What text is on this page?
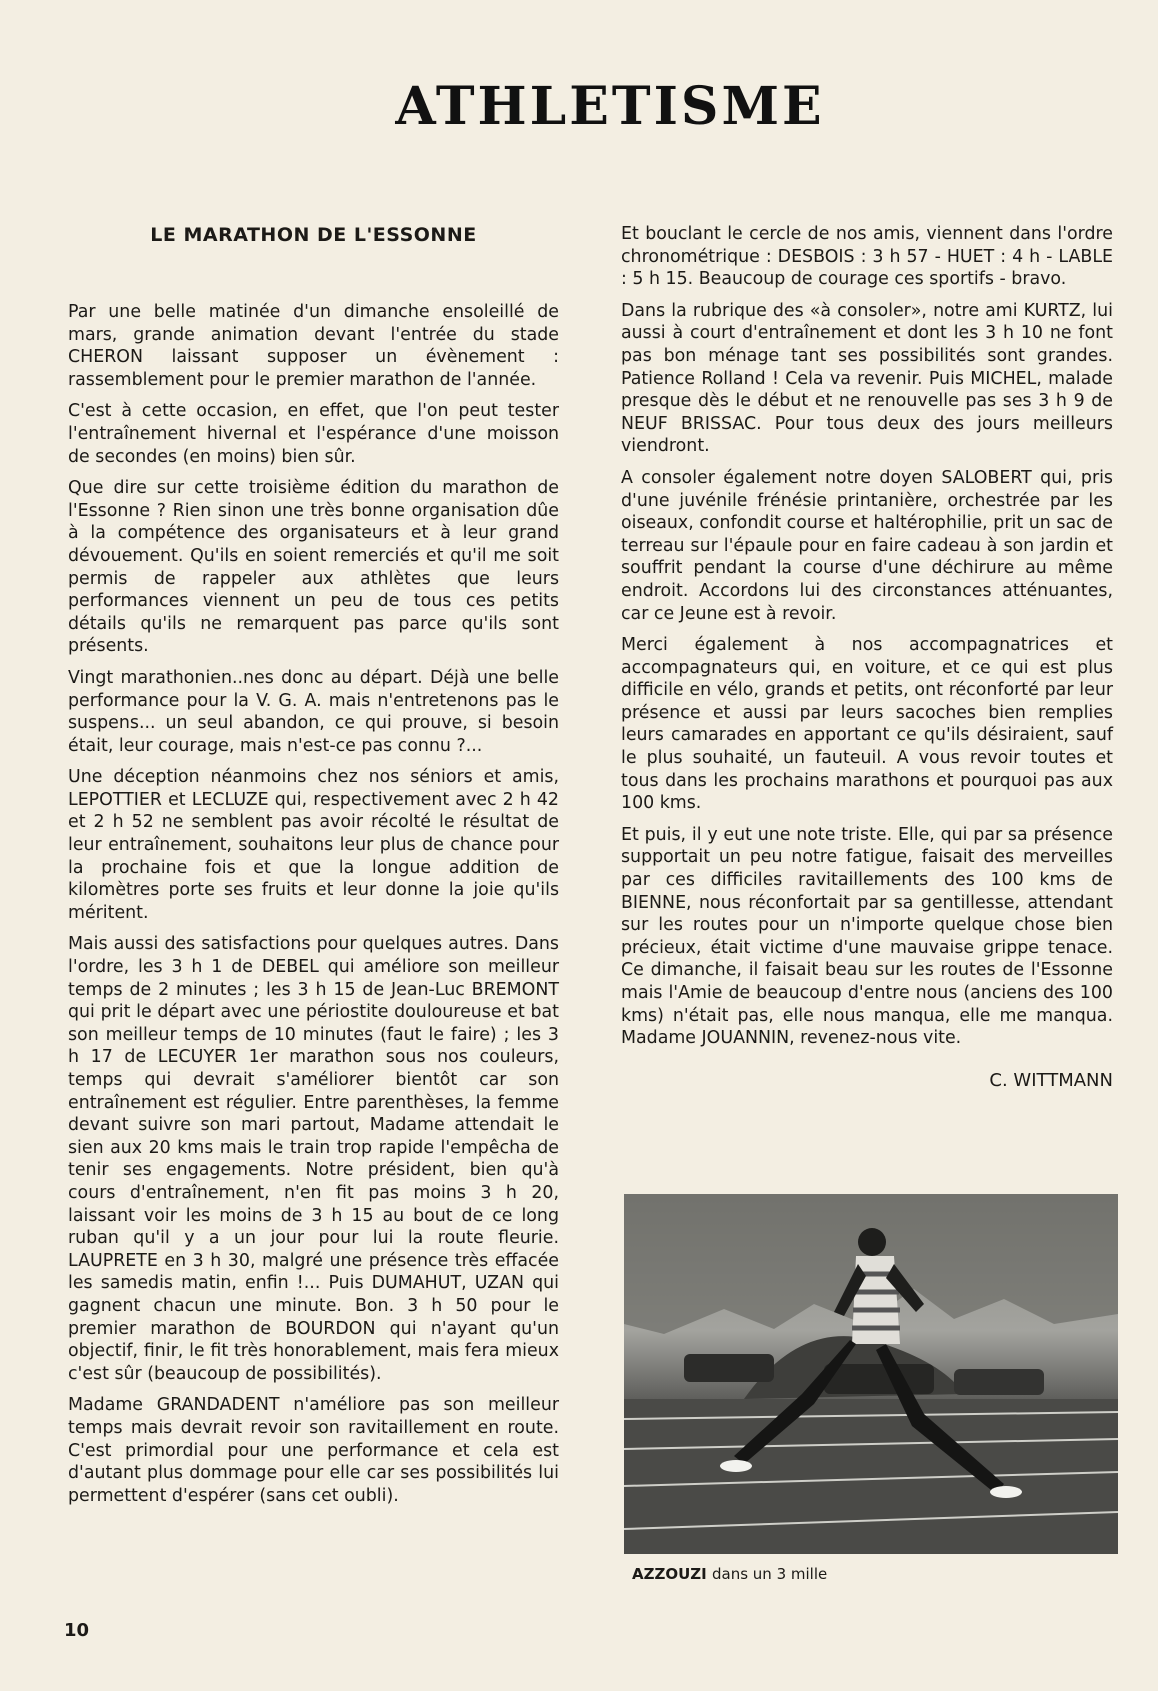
ATHLETISME
LE MARATHON DE L'ESSONNE

Par une belle matinée d'un dimanche ensoleillé de mars, grande animation devant l'entrée du stade CHERON laissant supposer un évènement : rassemblement pour le premier marathon de l'année.

C'est à cette occasion, en effet, que l'on peut tester l'entraînement hivernal et l'espérance d'une moisson de secondes (en moins) bien sûr.

Que dire sur cette troisième édition du marathon de l'Essonne ? Rien sinon une très bonne organisation dûe à la compétence des organisateurs et à leur grand dévouement. Qu'ils en soient remerciés et qu'il me soit permis de rappeler aux athlètes que leurs performances viennent un peu de tous ces petits détails qu'ils ne remarquent pas parce qu'ils sont présents.

Vingt marathonien..nes donc au départ. Déjà une belle performance pour la V. G. A. mais n'entretenons pas le suspens... un seul abandon, ce qui prouve, si besoin était, leur courage, mais n'est-ce pas connu ?...

Une déception néanmoins chez nos séniors et amis, LEPOTTIER et LECLUZE qui, respectivement avec 2 h 42 et 2 h 52 ne semblent pas avoir récolté le résultat de leur entraînement, souhaitons leur plus de chance pour la prochaine fois et que la longue addition de kilomètres porte ses fruits et leur donne la joie qu'ils méritent.

Mais aussi des satisfactions pour quelques autres. Dans l'ordre, les 3 h 1 de DEBEL qui améliore son meilleur temps de 2 minutes ; les 3 h 15 de Jean-Luc BREMONT qui prit le départ avec une périostite douloureuse et bat son meilleur temps de 10 minutes (faut le faire) ; les 3 h 17 de LECUYER 1er marathon sous nos couleurs, temps qui devrait s'améliorer bientôt car son entraînement est régulier. Entre parenthèses, la femme devant suivre son mari partout, Madame attendait le sien aux 20 kms mais le train trop rapide l'empêcha de tenir ses engagements. Notre président, bien qu'à cours d'entraînement, n'en fit pas moins 3 h 20, laissant voir les moins de 3 h 15 au bout de ce long ruban qu'il y a un jour pour lui la route fleurie. LAUPRETE en 3 h 30, malgré une présence très effacée les samedis matin, enfin !... Puis DUMAHUT, UZAN qui gagnent chacun une minute. Bon. 3 h 50 pour le premier marathon de BOURDON qui n'ayant qu'un objectif, finir, le fit très honorablement, mais fera mieux c'est sûr (beaucoup de possibilités).

Madame GRANDADENT n'améliore pas son meilleur temps mais devrait revoir son ravitaillement en route. C'est primordial pour une performance et cela est d'autant plus dommage pour elle car ses possibilités lui permettent d'espérer (sans cet oubli).

Et bouclant le cercle de nos amis, viennent dans l'ordre chronométrique : DESBOIS : 3 h 57 - HUET : 4 h - LABLE : 5 h 15. Beaucoup de courage ces sportifs - bravo.

Dans la rubrique des «à consoler», notre ami KURTZ, lui aussi à court d'entraînement et dont les 3 h 10 ne font pas bon ménage tant ses possibilités sont grandes. Patience Rolland ! Cela va revenir. Puis MICHEL, malade presque dès le début et ne renouvelle pas ses 3 h 9 de NEUF BRISSAC. Pour tous deux des jours meilleurs viendront.

A consoler également notre doyen SALOBERT qui, pris d'une juvénile frénésie printanière, orchestrée par les oiseaux, confondit course et haltérophilie, prit un sac de terreau sur l'épaule pour en faire cadeau à son jardin et souffrit pendant la course d'une déchirure au même endroit. Accordons lui des circonstances atténuantes, car ce Jeune est à revoir.

Merci également à nos accompagnatrices et accompagnateurs qui, en voiture, et ce qui est plus difficile en vélo, grands et petits, ont réconforté par leur présence et aussi par leurs sacoches bien remplies leurs camarades en apportant ce qu'ils désiraient, sauf le plus souhaité, un fauteuil. A vous revoir toutes et tous dans les prochains marathons et pourquoi pas aux 100 kms.

Et puis, il y eut une note triste. Elle, qui par sa présence supportait un peu notre fatigue, faisait des merveilles par ces difficiles ravitaillements des 100 kms de BIENNE, nous réconfortait par sa gentillesse, attendant sur les routes pour un n'importe quelque chose bien précieux, était victime d'une mauvaise grippe tenace. Ce dimanche, il faisait beau sur les routes de l'Essonne mais l'Amie de beaucoup d'entre nous (anciens des 100 kms) n'était pas, elle nous manqua, elle me manqua. Madame JOUANNIN, revenez-nous vite.

C. WITTMANN
AZZOUZI dans un 3 mille
10
